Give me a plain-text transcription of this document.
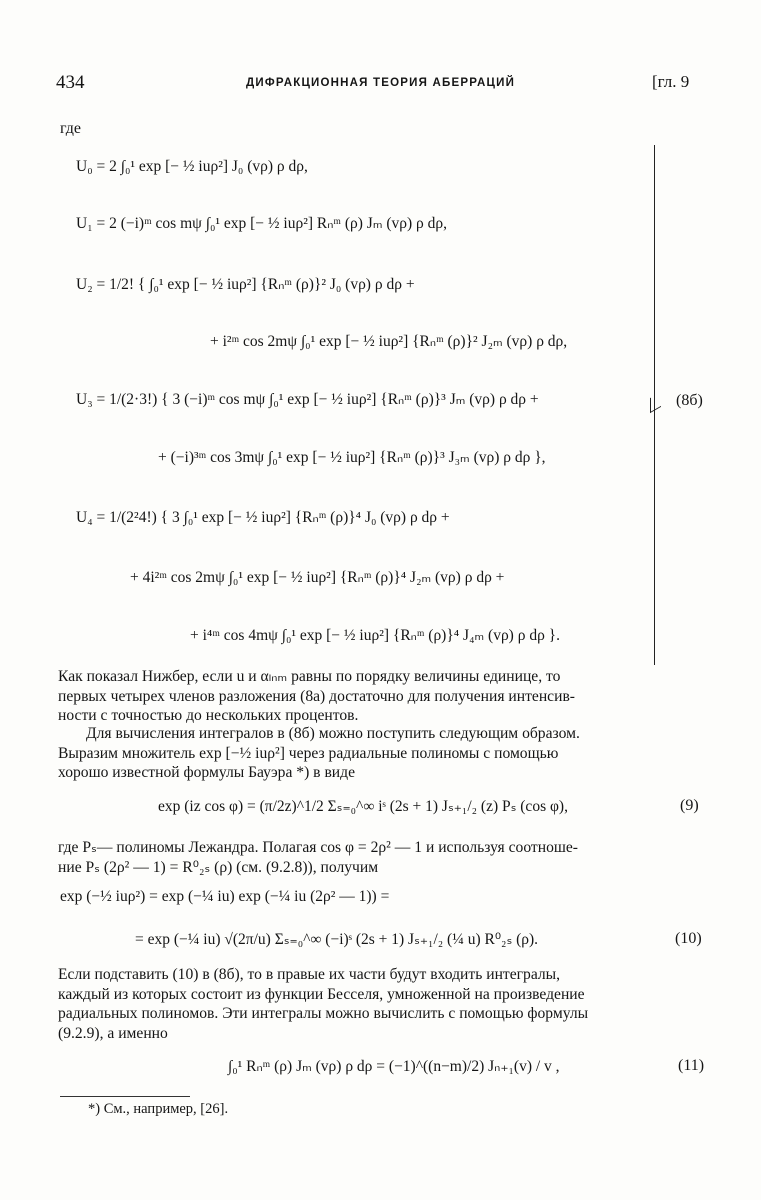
434	ДИФРАКЦИОННАЯ ТЕОРИЯ АБЕРРАЦИЙ	[гл. 9
где
U₀ = 2 ∫₀¹ exp [− ½ iuρ²] J₀ (vρ) ρ dρ,
U₁ = 2 (−i)ᵐ cos mψ ∫₀¹ exp [− ½ iuρ²] Rₙᵐ (ρ) Jₘ (vρ) ρ dρ,
U₂ = 1/2! { ∫₀¹ exp [− ½ iuρ²] {Rₙᵐ (ρ)}² J₀ (vρ) ρ dρ +
+ i²ᵐ cos 2mψ ∫₀¹ exp [− ½ iuρ²] {Rₙᵐ (ρ)}² J₂ₘ (vρ) ρ dρ,
U₃ = 1/(2·3!) { 3 (−i)ᵐ cos mψ ∫₀¹ exp [− ½ iuρ²] {Rₙᵐ (ρ)}³ Jₘ (vρ) ρ dρ +
+ (−i)³ᵐ cos 3mψ ∫₀¹ exp [− ½ iuρ²] {Rₙᵐ (ρ)}³ J₃ₘ (vρ) ρ dρ },
U₄ = 1/(2²4!) { 3 ∫₀¹ exp [− ½ iuρ²] {Rₙᵐ (ρ)}⁴ J₀ (vρ) ρ dρ +
+ 4i²ᵐ cos 2mψ ∫₀¹ exp [− ½ iuρ²] {Rₙᵐ (ρ)}⁴ J₂ₘ (vρ) ρ dρ +
+ i⁴ᵐ cos 4mψ ∫₀¹ exp [− ½ iuρ²] {Rₙᵐ (ρ)}⁴ J₄ₘ (vρ) ρ dρ }.
(8б)
Как показал Нижбер, если u и αₗₙₘ равны по порядку величины единице, то
первых четырех членов разложения (8а) достаточно для получения интенсив-
ности с точностью до нескольких процентов.
Для вычисления интегралов в (8б) можно поступить следующим образом.
Выразим множитель exp [−½ iuρ²] через радиальные полиномы с помощью
хорошо известной формулы Бауэра *) в виде
exp (iz cos φ) = (π/2z)^1/2 Σₛ₌₀^∞ iˢ (2s + 1) Jₛ₊₁/₂ (z) Pₛ (cos φ),	(9)
где Pₛ— полиномы Лежандра. Полагая cos φ = 2ρ² — 1 и используя соотноше-
ние Pₛ (2ρ² — 1) = R⁰₂ₛ (ρ) (см. (9.2.8)), получим
exp (−½ iuρ²) = exp (−¼ iu) exp (−¼ iu (2ρ² — 1)) =
= exp (−¼ iu) √(2π/u) Σₛ₌₀^∞ (−i)ˢ (2s + 1) Jₛ₊₁/₂ (¼ u) R⁰₂ₛ (ρ).	(10)
Если подставить (10) в (8б), то в правые их части будут входить интегралы,
каждый из которых состоит из функции Бесселя, умноженной на произведение
радиальных полиномов. Эти интегралы можно вычислить с помощью формулы
(9.2.9), а именно
∫₀¹ Rₙᵐ (ρ) Jₘ (vρ) ρ dρ = (−1)^((n−m)/2) Jₙ₊₁(v) / v ,	(11)
*) См., например, [26].
